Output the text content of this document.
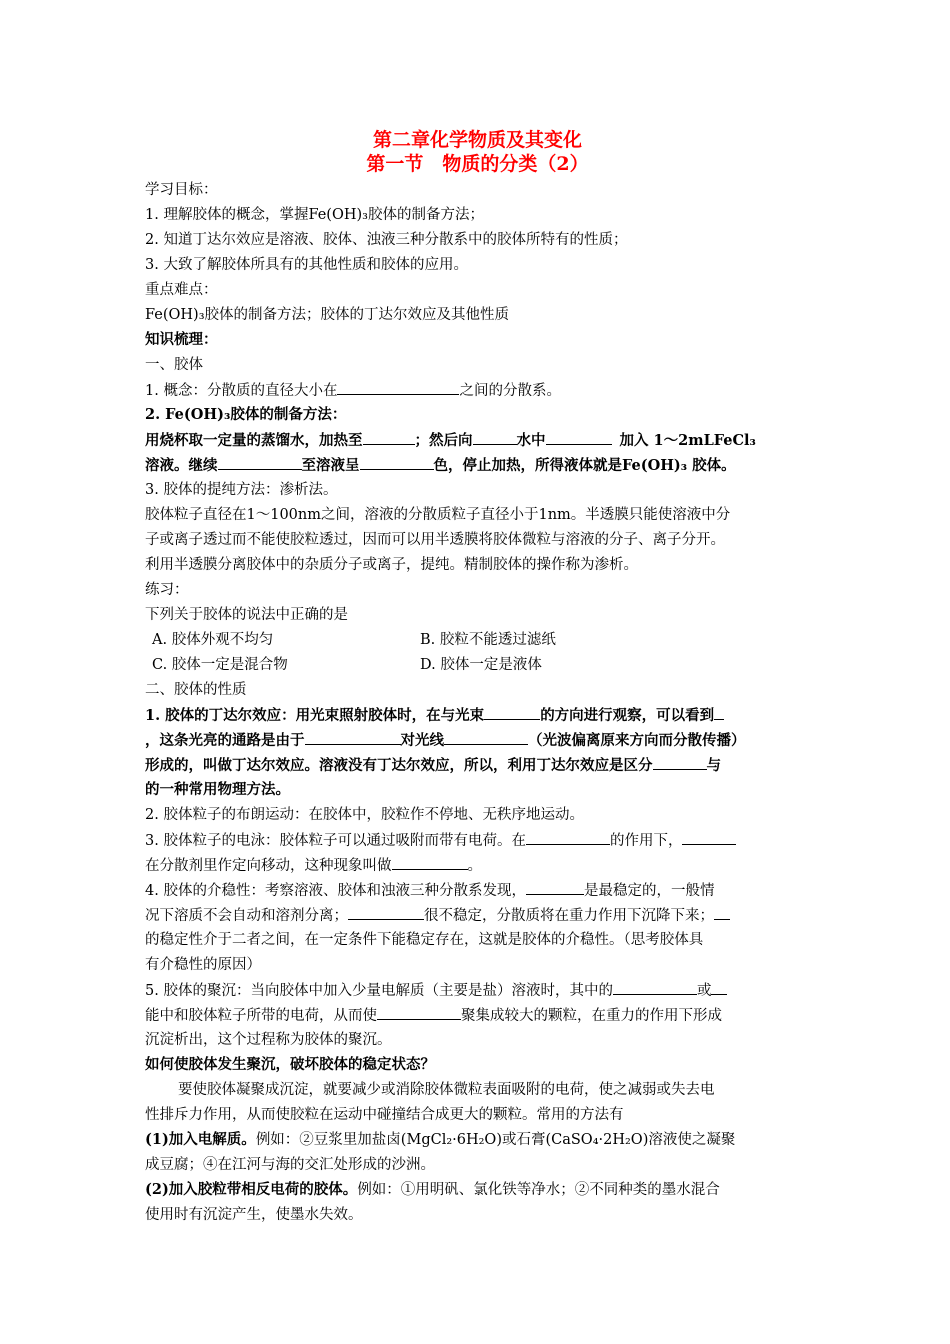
第二章化学物质及其变化
第一节　物质的分类（2）
学习目标：
1. 理解胶体的概念，掌握Fe(OH)₃胶体的制备方法；
2. 知道丁达尔效应是溶液、胶体、浊液三种分散系中的胶体所特有的性质；
3. 大致了解胶体所具有的其他性质和胶体的应用。
重点难点：
Fe(OH)₃胶体的制备方法；胶体的丁达尔效应及其他性质
知识梳理：
一、胶体
1. 概念：分散质的直径大小在	之间的分散系。
2. Fe(OH)₃胶体的制备方法：
用烧杯取一定量的蒸馏水，加热至	；然后向	水中	加入 1～2mLFeCl₃
溶液。继续	至溶液呈	色，停止加热，所得液体就是Fe(OH)₃ 胶体。
3. 胶体的提纯方法：渗析法。
胶体粒子直径在1～100nm之间，溶液的分散质粒子直径小于1nm。半透膜只能使溶液中分
子或离子透过而不能使胶粒透过，因而可以用半透膜将胶体微粒与溶液的分子、离子分开。
利用半透膜分离胶体中的杂质分子或离子，提纯。精制胶体的操作称为渗析。
练习：
下列关于胶体的说法中正确的是
A. 胶体外观不均匀	B. 胶粒不能透过滤纸
C. 胶体一定是混合物	D. 胶体一定是液体
二、胶体的性质
1. 胶体的丁达尔效应：用光束照射胶体时，在与光束	的方向进行观察，可以看到
，这条光亮的通路是由于	对光线	（光波偏离原来方向而分散传播）
形成的，叫做丁达尔效应。溶液没有丁达尔效应，所以，利用丁达尔效应是区分	与
的一种常用物理方法。
2. 胶体粒子的布朗运动：在胶体中，胶粒作不停地、无秩序地运动。
3. 胶体粒子的电泳：胶体粒子可以通过吸附而带有电荷。在	的作用下，
在分散剂里作定向移动，这种现象叫做	。
4. 胶体的介稳性：考察溶液、胶体和浊液三种分散系发现，	是最稳定的，一般情
况下溶质不会自动和溶剂分离；	很不稳定，分散质将在重力作用下沉降下来；
的稳定性介于二者之间，在一定条件下能稳定存在，这就是胶体的介稳性。（思考胶体具
有介稳性的原因）
5. 胶体的聚沉：当向胶体中加入少量电解质（主要是盐）溶液时，其中的	或
能中和胶体粒子所带的电荷，从而使	聚集成较大的颗粒，在重力的作用下形成
沉淀析出，这个过程称为胶体的聚沉。
如何使胶体发生聚沉，破坏胶体的稳定状态？
要使胶体凝聚成沉淀，就要减少或消除胶体微粒表面吸附的电荷，使之减弱或失去电
性排斥力作用，从而使胶粒在运动中碰撞结合成更大的颗粒。常用的方法有
(1)加入电解质。例如：②豆浆里加盐卤(MgCl₂·6H₂O)或石膏(CaSO₄·2H₂O)溶液使之凝聚
成豆腐；④在江河与海的交汇处形成的沙洲。
(2)加入胶粒带相反电荷的胶体。例如：①用明矾、氯化铁等净水；②不同种类的墨水混合
使用时有沉淀产生，使墨水失效。
